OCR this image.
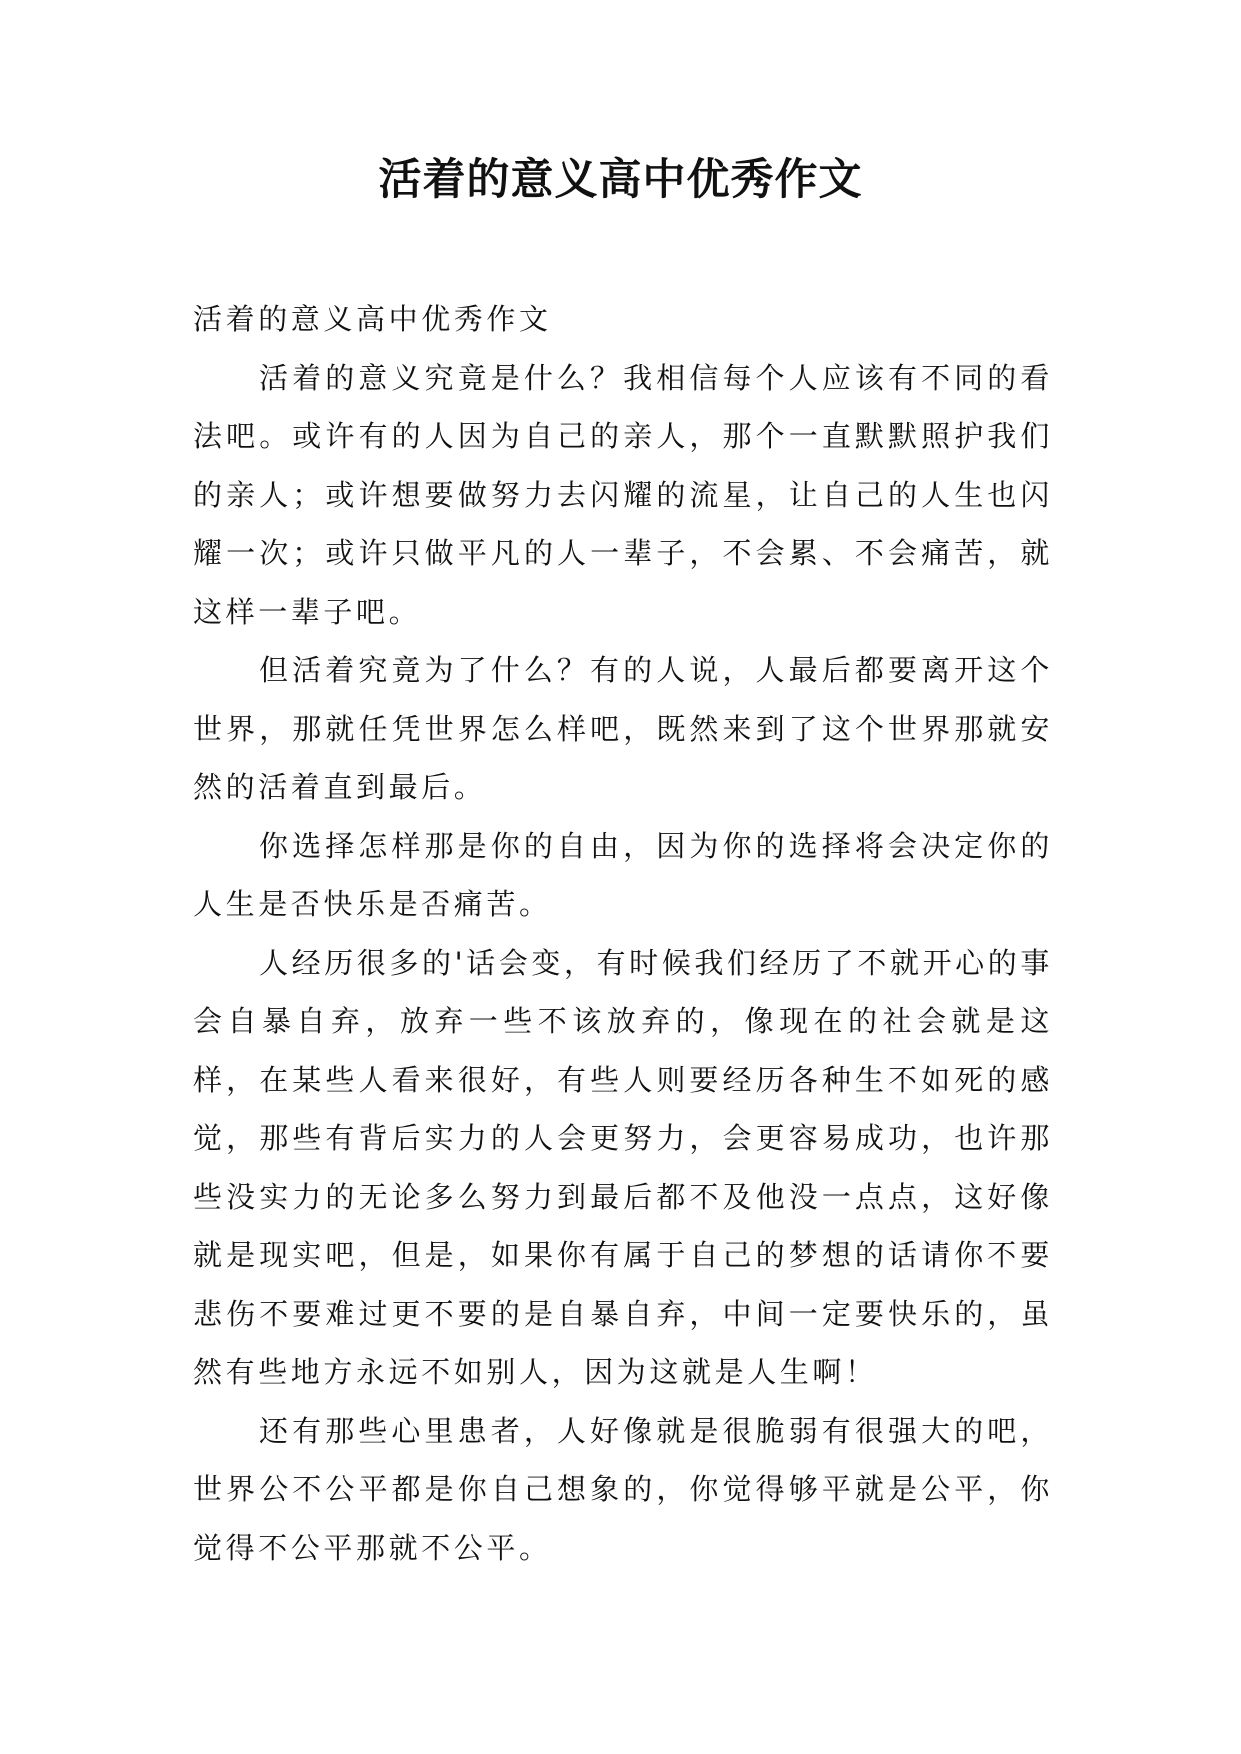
活着的意义高中优秀作文

活着的意义高中优秀作文

活着的意义究竟是什么？我相信每个人应该有不同的看法吧。或许有的人因为自己的亲人，那个一直默默照护我们的亲人；或许想要做努力去闪耀的流星，让自己的人生也闪耀一次；或许只做平凡的人一辈子，不会累、不会痛苦，就这样一辈子吧。

但活着究竟为了什么？有的人说，人最后都要离开这个世界，那就任凭世界怎么样吧，既然来到了这个世界那就安然的活着直到最后。

你选择怎样那是你的自由，因为你的选择将会决定你的人生是否快乐是否痛苦。

人经历很多的'话会变，有时候我们经历了不就开心的事会自暴自弃，放弃一些不该放弃的，像现在的社会就是这样，在某些人看来很好，有些人则要经历各种生不如死的感觉，那些有背后实力的人会更努力，会更容易成功，也许那些没实力的无论多么努力到最后都不及他没一点点，这好像就是现实吧，但是，如果你有属于自己的梦想的话请你不要悲伤不要难过更不要的是自暴自弃，中间一定要快乐的，虽然有些地方永远不如别人，因为这就是人生啊！

还有那些心里患者，人好像就是很脆弱有很强大的吧，世界公不公平都是你自己想象的，你觉得够平就是公平，你觉得不公平那就不公平。
